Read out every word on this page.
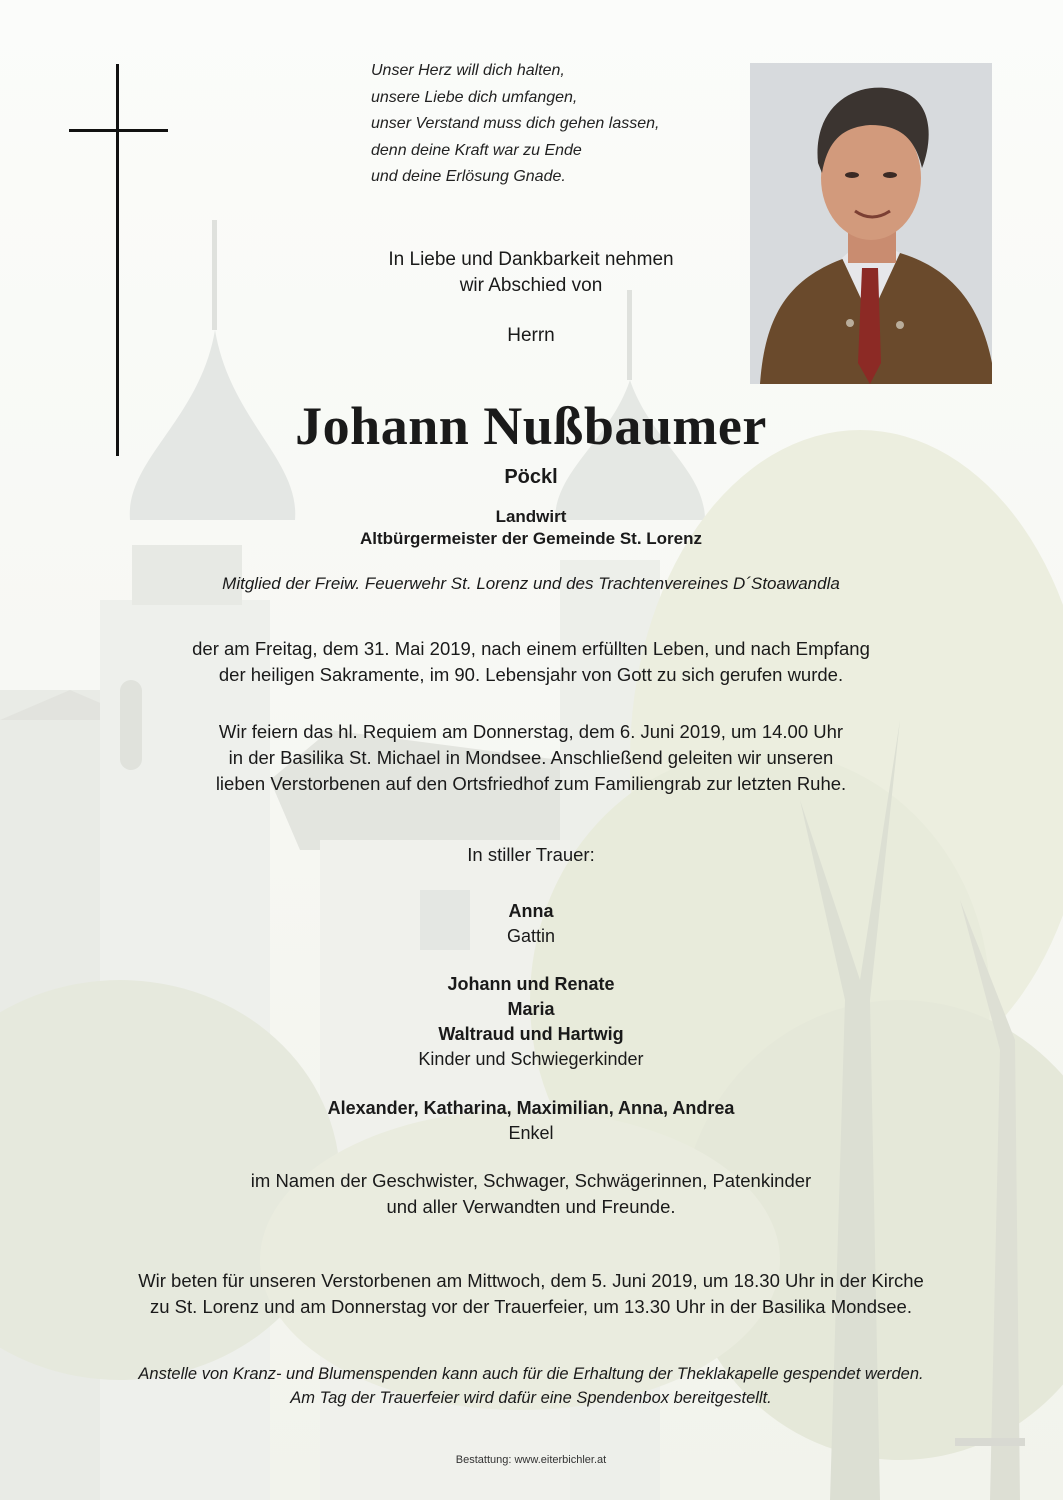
Unser Herz will dich halten,
unsere Liebe dich umfangen,
unser Verstand muss dich gehen lassen,
denn deine Kraft war zu Ende
und deine Erlösung Gnade.
In Liebe und Dankbarkeit nehmen
wir Abschied von
Herrn
Johann Nußbaumer
Pöckl
Landwirt
Altbürgermeister der Gemeinde St. Lorenz
Mitglied der Freiw. Feuerwehr St. Lorenz und des Trachtenvereines D´Stoawandla
der am Freitag, dem 31. Mai 2019, nach einem erfüllten Leben, und nach Empfang
der heiligen Sakramente, im 90. Lebensjahr von Gott zu sich gerufen wurde.
Wir feiern das hl. Requiem am Donnerstag, dem 6. Juni 2019, um 14.00 Uhr
in der Basilika St. Michael in Mondsee. Anschließend geleiten wir unseren
lieben Verstorbenen auf den Ortsfriedhof zum Familiengrab zur letzten Ruhe.
In stiller Trauer:
Anna
Gattin
Johann und Renate
Maria
Waltraud und Hartwig
Kinder und Schwiegerkinder
Alexander, Katharina, Maximilian, Anna, Andrea
Enkel
im Namen der Geschwister, Schwager, Schwägerinnen, Patenkinder
und aller Verwandten und Freunde.
Wir beten für unseren Verstorbenen am Mittwoch, dem 5. Juni 2019, um 18.30 Uhr in der Kirche
zu St. Lorenz und am Donnerstag vor der Trauerfeier, um 13.30 Uhr in der Basilika Mondsee.
Anstelle von Kranz- und Blumenspenden kann auch für die Erhaltung der Theklakapelle gespendet werden.
Am Tag der Trauerfeier wird dafür eine Spendenbox bereitgestellt.
Bestattung: www.eiterbichler.at
